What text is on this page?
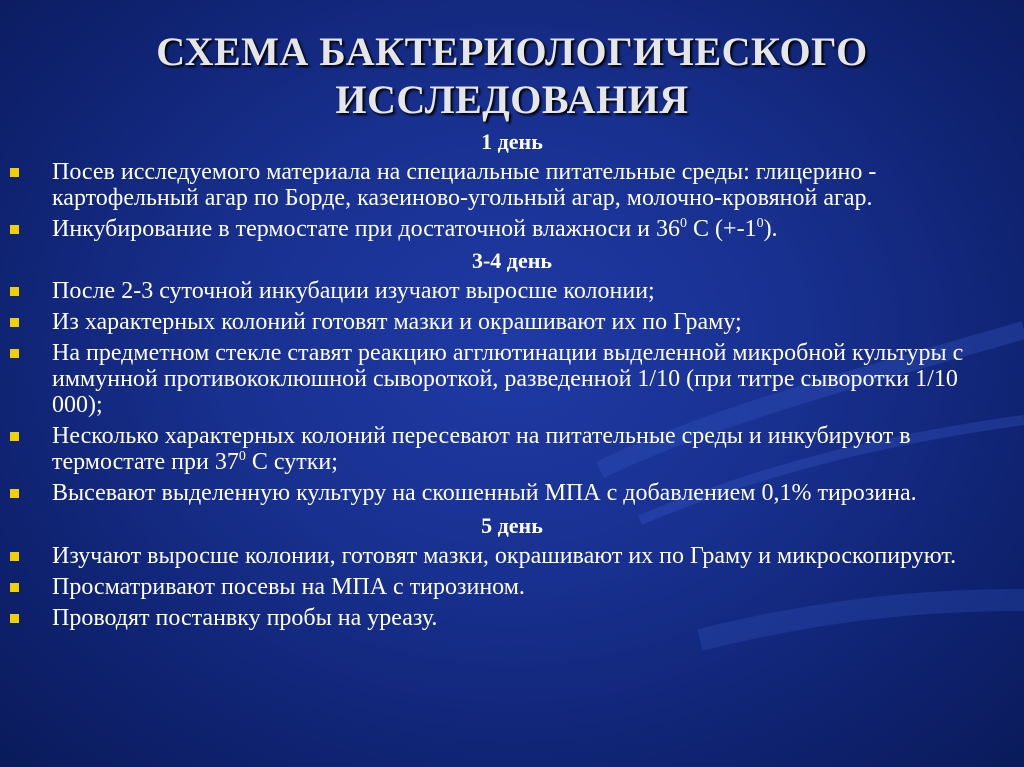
СХЕМА БАКТЕРИОЛОГИЧЕСКОГО
ИССЛЕДОВАНИЯ
1 день
Посев исследуемого материала на специальные питательные среды: глицерино - картофельный агар по Борде, казеиново-угольный агар, молочно-кровяной агар.
Инкубирование в термостате при достаточной влажноси и $36^0$ С $(+-1^0)$.
3-4 день
После 2-3 суточной инкубации изучают выросше колонии;
Из характерных колоний готовят мазки и окрашивают их по Граму;
На предметном стекле ставят реакцию агглютинации выделенной микробной культуры с иммунной противококлюшной сывороткой, разведенной 1/10 (при титре сыворотки 1/10 000);
Несколько характерных колоний пересевают на питательные среды и инкубируют в термостате при $37^0$ С сутки;
Высевают выделенную культуру на скошенный МПА с добавлением 0,1% тирозина.
5 день
Изучают выросше колонии, готовят мазки, окрашивают их по Граму и микроскопируют.
Просматривают посевы на МПА с тирозином.
Проводят постанвку пробы на уреазу.
